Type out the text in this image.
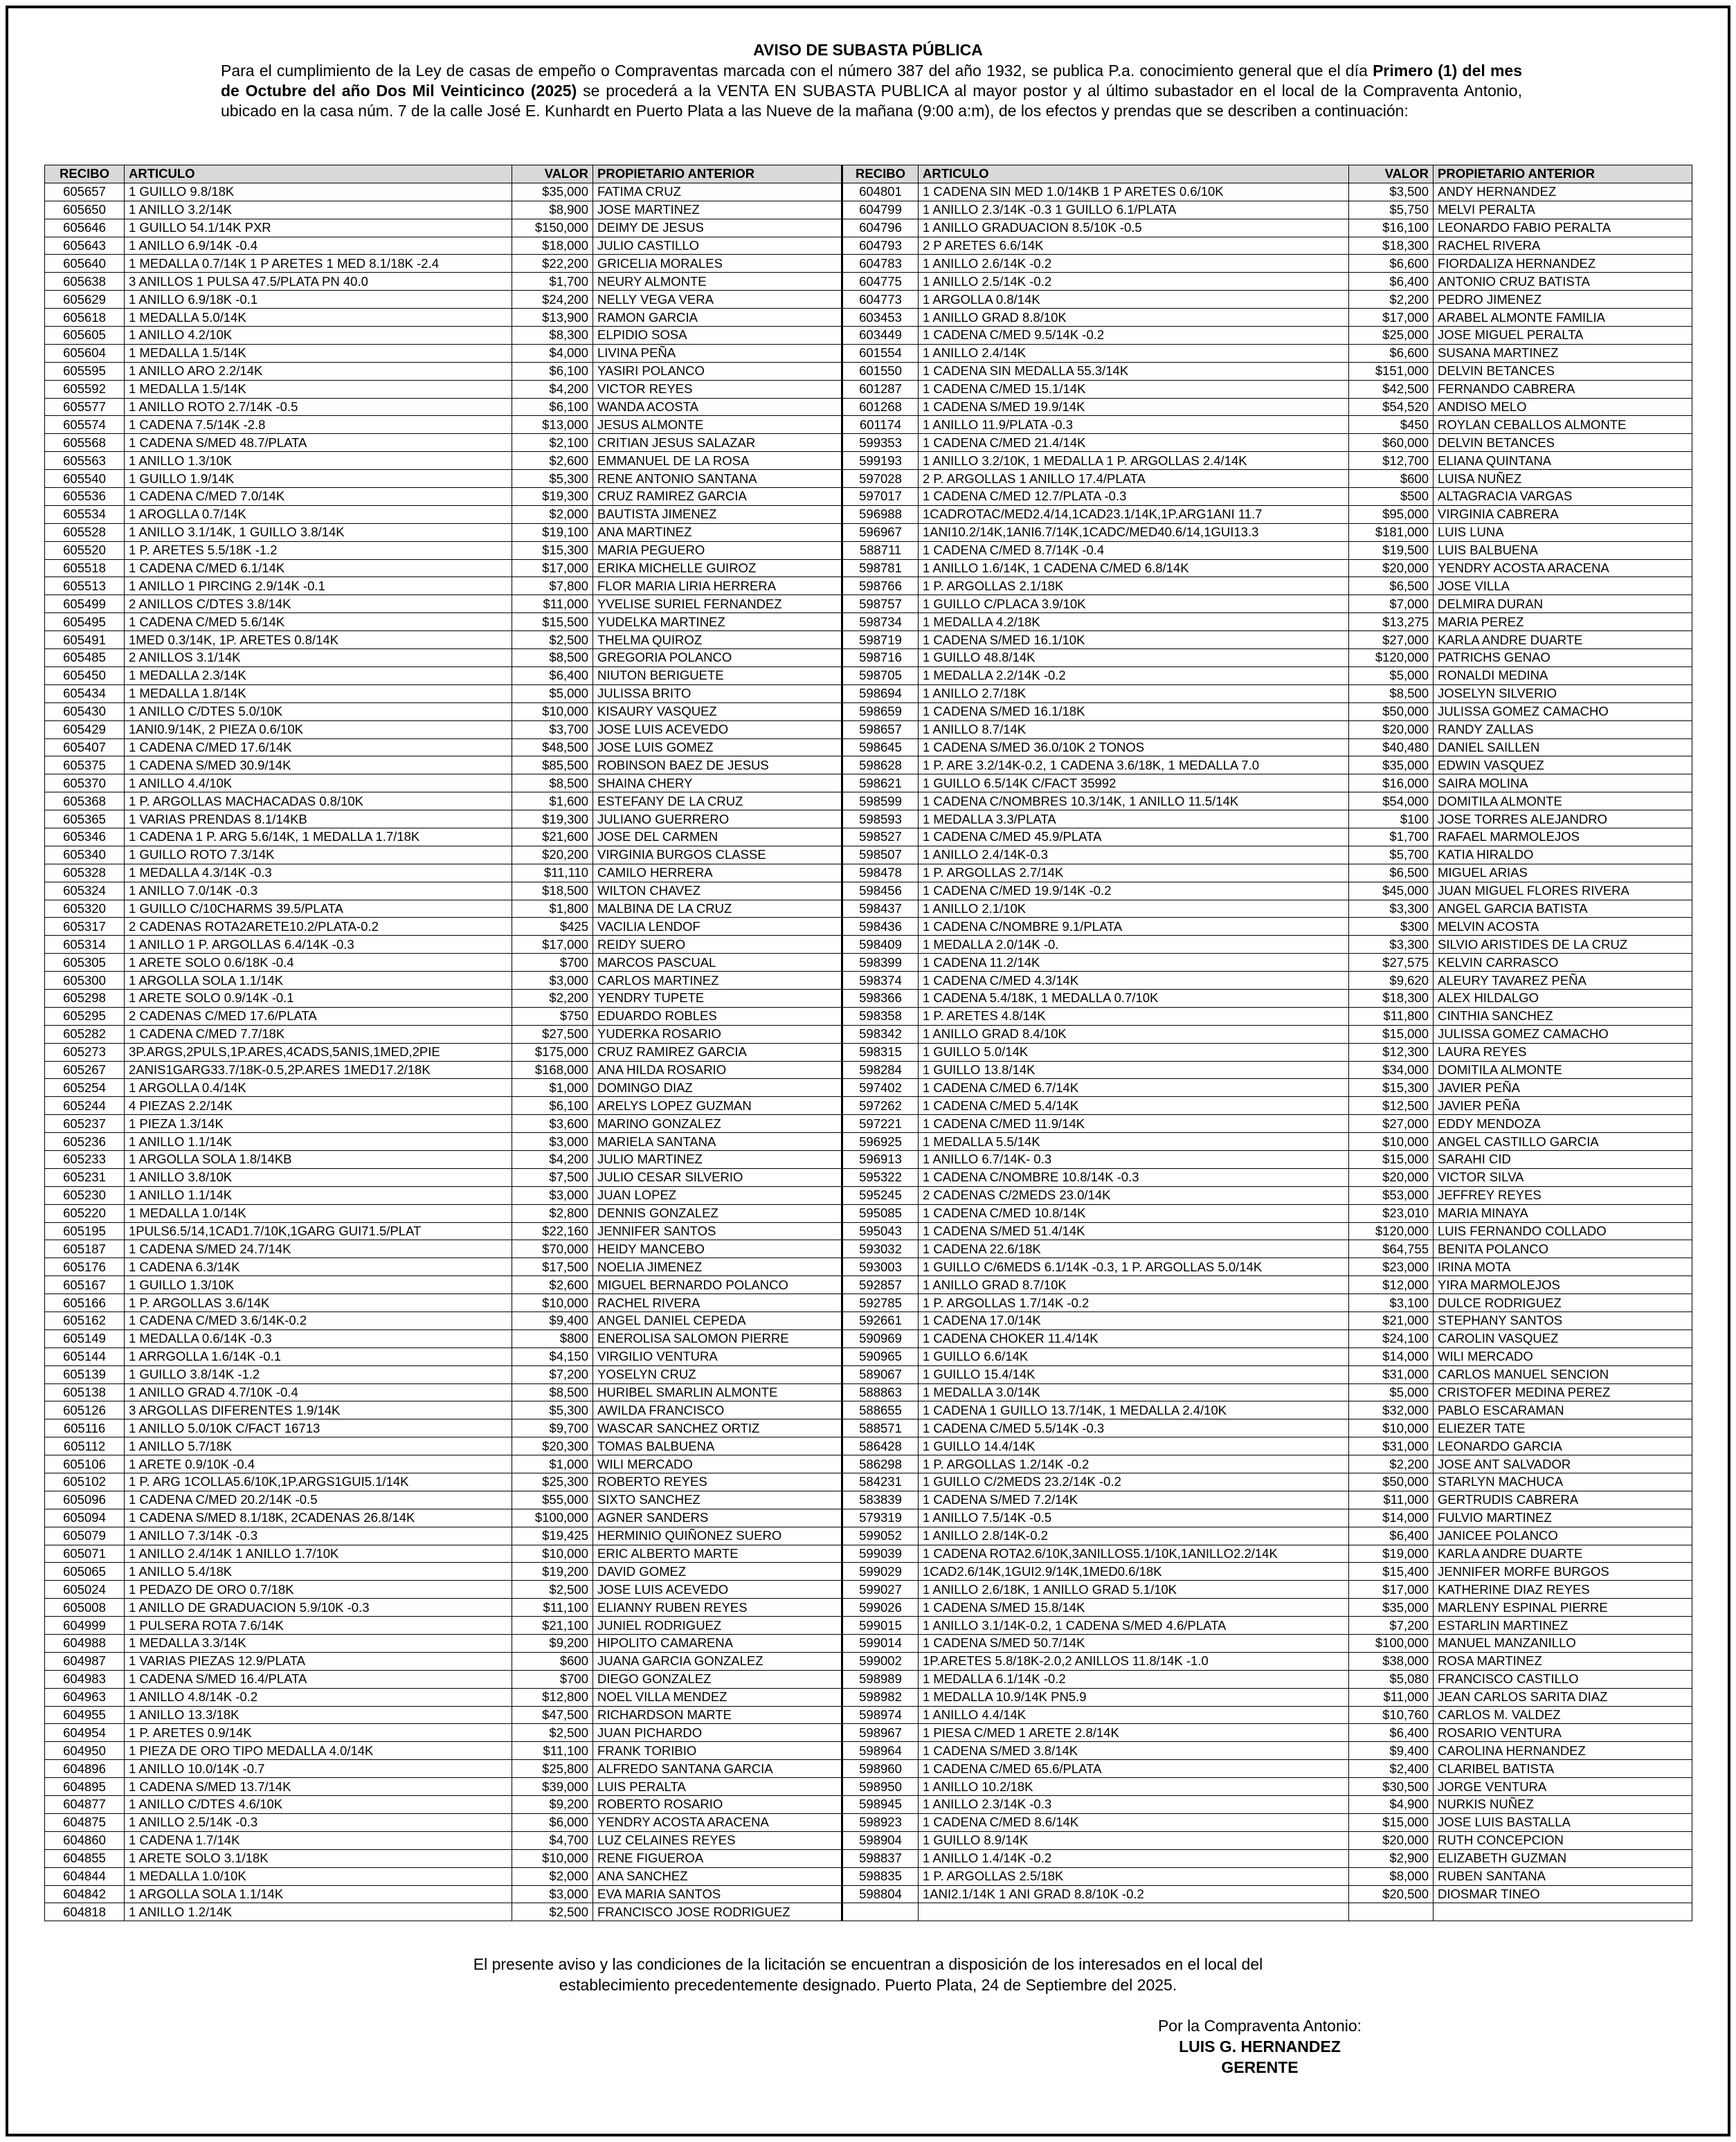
AVISO DE SUBASTA PÚBLICA
Para el cumplimiento de la Ley de casas de empeño o Compraventas marcada con el número 387 del año 1932, se publica P.a. conocimiento general que el día Primero (1) del mes de Octubre del año Dos Mil Veinticinco (2025) se procederá a la VENTA EN SUBASTA PUBLICA al mayor postor y al último subastador en el local de la Compraventa Antonio, ubicado en la casa núm. 7 de la calle José E. Kunhardt en Puerto Plata a las Nueve de la mañana (9:00 a:m), de los efectos y prendas que se describen a continuación:
RECIBO	ARTICULO	VALOR	PROPIETARIO ANTERIOR	RECIBO	ARTICULO	VALOR	PROPIETARIO ANTERIOR
605657	1 GUILLO 9.8/18K	$35,000	FATIMA CRUZ	604801	1 CADENA SIN MED 1.0/14KB 1 P ARETES 0.6/10K	$3,500	ANDY HERNANDEZ
605650	1 ANILLO 3.2/14K	$8,900	JOSE MARTINEZ	604799	1 ANILLO 2.3/14K -0.3 1 GUILLO 6.1/PLATA	$5,750	MELVI PERALTA
605646	1 GUILLO 54.1/14K PXR	$150,000	DEIMY DE JESUS	604796	1 ANILLO GRADUACION 8.5/10K -0.5	$16,100	LEONARDO FABIO PERALTA
605643	1 ANILLO 6.9/14K -0.4	$18,000	JULIO CASTILLO	604793	2 P ARETES 6.6/14K	$18,300	RACHEL RIVERA
605640	1 MEDALLA 0.7/14K 1 P ARETES 1 MED 8.1/18K -2.4	$22,200	GRICELIA MORALES	604783	1 ANILLO 2.6/14K -0.2	$6,600	FIORDALIZA HERNANDEZ
605638	3 ANILLOS 1 PULSA 47.5/PLATA PN 40.0	$1,700	NEURY ALMONTE	604775	1 ANILLO 2.5/14K -0.2	$6,400	ANTONIO CRUZ BATISTA
605629	1 ANILLO 6.9/18K -0.1	$24,200	NELLY VEGA VERA	604773	1 ARGOLLA 0.8/14K	$2,200	PEDRO JIMENEZ
605618	1 MEDALLA 5.0/14K	$13,900	RAMON GARCIA	603453	1 ANILLO GRAD 8.8/10K	$17,000	ARABEL ALMONTE FAMILIA
605605	1 ANILLO 4.2/10K	$8,300	ELPIDIO SOSA	603449	1 CADENA C/MED 9.5/14K -0.2	$25,000	JOSE MIGUEL PERALTA
605604	1 MEDALLA 1.5/14K	$4,000	LIVINA PEÑA	601554	1 ANILLO 2.4/14K	$6,600	SUSANA MARTINEZ
605595	1 ANILLO ARO 2.2/14K	$6,100	YASIRI POLANCO	601550	1 CADENA SIN MEDALLA 55.3/14K	$151,000	DELVIN BETANCES
605592	1 MEDALLA 1.5/14K	$4,200	VICTOR REYES	601287	1 CADENA C/MED 15.1/14K	$42,500	FERNANDO CABRERA
605577	1 ANILLO ROTO 2.7/14K -0.5	$6,100	WANDA ACOSTA	601268	1 CADENA S/MED 19.9/14K	$54,520	ANDISO MELO
605574	1 CADENA 7.5/14K -2.8	$13,000	JESUS ALMONTE	601174	1 ANILLO 11.9/PLATA -0.3	$450	ROYLAN CEBALLOS ALMONTE
605568	1 CADENA S/MED 48.7/PLATA	$2,100	CRITIAN JESUS SALAZAR	599353	1 CADENA C/MED 21.4/14K	$60,000	DELVIN BETANCES
605563	1 ANILLO 1.3/10K	$2,600	EMMANUEL DE LA ROSA	599193	1 ANILLO 3.2/10K, 1 MEDALLA 1 P. ARGOLLAS 2.4/14K	$12,700	ELIANA QUINTANA
605540	1 GUILLO 1.9/14K	$5,300	RENE ANTONIO SANTANA	597028	2 P. ARGOLLAS 1 ANILLO 17.4/PLATA	$600	LUISA NUÑEZ
605536	1 CADENA C/MED 7.0/14K	$19,300	CRUZ RAMIREZ GARCIA	597017	1 CADENA C/MED 12.7/PLATA -0.3	$500	ALTAGRACIA VARGAS
605534	1 AROGLLA 0.7/14K	$2,000	BAUTISTA JIMENEZ	596988	1CADROTAC/MED2.4/14,1CAD23.1/14K,1P.ARG1ANI 11.7	$95,000	VIRGINIA CABRERA
605528	1 ANILLO 3.1/14K, 1 GUILLO 3.8/14K	$19,100	ANA MARTINEZ	596967	1ANI10.2/14K,1ANI6.7/14K,1CADC/MED40.6/14,1GUI13.3	$181,000	LUIS LUNA
605520	1 P. ARETES 5.5/18K -1.2	$15,300	MARIA PEGUERO	588711	1 CADENA C/MED 8.7/14K -0.4	$19,500	LUIS BALBUENA
605518	1 CADENA C/MED 6.1/14K	$17,000	ERIKA MICHELLE GUIROZ	598781	1 ANILLO 1.6/14K, 1 CADENA C/MED 6.8/14K	$20,000	YENDRY ACOSTA ARACENA
605513	1 ANILLO 1 PIRCING 2.9/14K -0.1	$7,800	FLOR MARIA LIRIA HERRERA	598766	1 P. ARGOLLAS 2.1/18K	$6,500	JOSE VILLA
605499	2 ANILLOS C/DTES 3.8/14K	$11,000	YVELISE SURIEL FERNANDEZ	598757	1 GUILLO C/PLACA 3.9/10K	$7,000	DELMIRA DURAN
605495	1 CADENA C/MED 5.6/14K	$15,500	YUDELKA MARTINEZ	598734	1 MEDALLA 4.2/18K	$13,275	MARIA PEREZ
605491	1MED 0.3/14K, 1P. ARETES 0.8/14K	$2,500	THELMA QUIROZ	598719	1 CADENA S/MED 16.1/10K	$27,000	KARLA ANDRE DUARTE
605485	2 ANILLOS 3.1/14K	$8,500	GREGORIA POLANCO	598716	1 GUILLO 48.8/14K	$120,000	PATRICHS GENAO
605450	1 MEDALLA 2.3/14K	$6,400	NIUTON BERIGUETE	598705	1 MEDALLA 2.2/14K -0.2	$5,000	RONALDI MEDINA
605434	1 MEDALLA 1.8/14K	$5,000	JULISSA BRITO	598694	1 ANILLO 2.7/18K	$8,500	JOSELYN SILVERIO
605430	1 ANILLO C/DTES 5.0/10K	$10,000	KISAURY VASQUEZ	598659	1 CADENA S/MED 16.1/18K	$50,000	JULISSA GOMEZ CAMACHO
605429	1ANI0.9/14K, 2 PIEZA 0.6/10K	$3,700	JOSE LUIS ACEVEDO	598657	1 ANILLO 8.7/14K	$20,000	RANDY ZALLAS
605407	1 CADENA C/MED 17.6/14K	$48,500	JOSE LUIS GOMEZ	598645	1 CADENA S/MED 36.0/10K 2 TONOS	$40,480	DANIEL SAILLEN
605375	1 CADENA S/MED 30.9/14K	$85,500	ROBINSON BAEZ DE JESUS	598628	1 P. ARE 3.2/14K-0.2, 1 CADENA 3.6/18K, 1 MEDALLA 7.0	$35,000	EDWIN VASQUEZ
605370	1 ANILLO 4.4/10K	$8,500	SHAINA CHERY	598621	1 GUILLO 6.5/14K C/FACT 35992	$16,000	SAIRA MOLINA
605368	1 P. ARGOLLAS MACHACADAS 0.8/10K	$1,600	ESTEFANY DE LA CRUZ	598599	1 CADENA C/NOMBRES 10.3/14K, 1 ANILLO 11.5/14K	$54,000	DOMITILA ALMONTE
605365	1 VARIAS PRENDAS 8.1/14KB	$19,300	JULIANO GUERRERO	598593	1 MEDALLA 3.3/PLATA	$100	JOSE TORRES ALEJANDRO
605346	1 CADENA 1 P. ARG 5.6/14K, 1 MEDALLA 1.7/18K	$21,600	JOSE DEL CARMEN	598527	1 CADENA C/MED 45.9/PLATA	$1,700	RAFAEL MARMOLEJOS
605340	1 GUILLO ROTO 7.3/14K	$20,200	VIRGINIA BURGOS CLASSE	598507	1 ANILLO 2.4/14K-0.3	$5,700	KATIA HIRALDO
605328	1 MEDALLA 4.3/14K -0.3	$11,110	CAMILO HERRERA	598478	1 P. ARGOLLAS 2.7/14K	$6,500	MIGUEL ARIAS
605324	1 ANILLO 7.0/14K -0.3	$18,500	WILTON CHAVEZ	598456	1 CADENA C/MED 19.9/14K -0.2	$45,000	JUAN MIGUEL FLORES RIVERA
605320	1 GUILLO C/10CHARMS 39.5/PLATA	$1,800	MALBINA DE LA CRUZ	598437	1 ANILLO 2.1/10K	$3,300	ANGEL GARCIA BATISTA
605317	2 CADENAS ROTA2ARETE10.2/PLATA-0.2	$425	VACILIA LENDOF	598436	1 CADENA C/NOMBRE 9.1/PLATA	$300	MELVIN ACOSTA
605314	1 ANILLO 1 P. ARGOLLAS 6.4/14K -0.3	$17,000	REIDY SUERO	598409	1 MEDALLA 2.0/14K -0.	$3,300	SILVIO ARISTIDES DE LA CRUZ
605305	1 ARETE SOLO 0.6/18K -0.4	$700	MARCOS PASCUAL	598399	1 CADENA 11.2/14K	$27,575	KELVIN CARRASCO
605300	1 ARGOLLA SOLA 1.1/14K	$3,000	CARLOS MARTINEZ	598374	1 CADENA C/MED 4.3/14K	$9,620	ALEURY TAVAREZ PEÑA
605298	1 ARETE SOLO 0.9/14K -0.1	$2,200	YENDRY TUPETE	598366	1 CADENA 5.4/18K, 1 MEDALLA 0.7/10K	$18,300	ALEX HILDALGO
605295	2 CADENAS C/MED 17.6/PLATA	$750	EDUARDO ROBLES	598358	1 P. ARETES 4.8/14K	$11,800	CINTHIA SANCHEZ
605282	1 CADENA C/MED 7.7/18K	$27,500	YUDERKA ROSARIO	598342	1 ANILLO GRAD 8.4/10K	$15,000	JULISSA GOMEZ CAMACHO
605273	3P.ARGS,2PULS,1P.ARES,4CADS,5ANIS,1MED,2PIE	$175,000	CRUZ RAMIREZ GARCIA	598315	1 GUILLO 5.0/14K	$12,300	LAURA REYES
605267	2ANIS1GARG33.7/18K-0.5,2P.ARES 1MED17.2/18K	$168,000	ANA HILDA ROSARIO	598284	1 GUILLO 13.8/14K	$34,000	DOMITILA ALMONTE
605254	1 ARGOLLA 0.4/14K	$1,000	DOMINGO DIAZ	597402	1 CADENA C/MED 6.7/14K	$15,300	JAVIER PEÑA
605244	4 PIEZAS 2.2/14K	$6,100	ARELYS LOPEZ GUZMAN	597262	1 CADENA C/MED 5.4/14K	$12,500	JAVIER PEÑA
605237	1 PIEZA 1.3/14K	$3,600	MARINO GONZALEZ	597221	1 CADENA C/MED 11.9/14K	$27,000	EDDY MENDOZA
605236	1 ANILLO 1.1/14K	$3,000	MARIELA SANTANA	596925	1 MEDALLA 5.5/14K	$10,000	ANGEL CASTILLO GARCIA
605233	1 ARGOLLA SOLA 1.8/14KB	$4,200	JULIO MARTINEZ	596913	1 ANILLO 6.7/14K- 0.3	$15,000	SARAHI CID
605231	1 ANILLO 3.8/10K	$7,500	JULIO CESAR SILVERIO	595322	1 CADENA C/NOMBRE 10.8/14K -0.3	$20,000	VICTOR SILVA
605230	1 ANILLO 1.1/14K	$3,000	JUAN LOPEZ	595245	2 CADENAS C/2MEDS 23.0/14K	$53,000	JEFFREY REYES
605220	1 MEDALLA 1.0/14K	$2,800	DENNIS GONZALEZ	595085	1 CADENA C/MED 10.8/14K	$23,010	MARIA MINAYA
605195	1PULS6.5/14,1CAD1.7/10K,1GARG GUI71.5/PLAT	$22,160	JENNIFER SANTOS	595043	1 CADENA S/MED 51.4/14K	$120,000	LUIS FERNANDO COLLADO
605187	1 CADENA S/MED 24.7/14K	$70,000	HEIDY MANCEBO	593032	1 CADENA 22.6/18K	$64,755	BENITA POLANCO
605176	1 CADENA 6.3/14K	$17,500	NOELIA JIMENEZ	593003	1 GUILLO C/6MEDS 6.1/14K -0.3, 1 P. ARGOLLAS 5.0/14K	$23,000	IRINA MOTA
605167	1 GUILLO 1.3/10K	$2,600	MIGUEL BERNARDO POLANCO	592857	1 ANILLO GRAD 8.7/10K	$12,000	YIRA MARMOLEJOS
605166	1 P. ARGOLLAS 3.6/14K	$10,000	RACHEL RIVERA	592785	1 P. ARGOLLAS 1.7/14K -0.2	$3,100	DULCE RODRIGUEZ
605162	1 CADENA C/MED 3.6/14K-0.2	$9,400	ANGEL DANIEL CEPEDA	592661	1 CADENA 17.0/14K	$21,000	STEPHANY SANTOS
605149	1 MEDALLA 0.6/14K -0.3	$800	ENEROLISA SALOMON PIERRE	590969	1 CADENA CHOKER 11.4/14K	$24,100	CAROLIN VASQUEZ
605144	1 ARRGOLLA 1.6/14K -0.1	$4,150	VIRGILIO VENTURA	590965	1 GUILLO 6.6/14K	$14,000	WILI MERCADO
605139	1 GUILLO 3.8/14K -1.2	$7,200	YOSELYN CRUZ	589067	1 GUILLO 15.4/14K	$31,000	CARLOS MANUEL SENCION
605138	1 ANILLO GRAD 4.7/10K -0.4	$8,500	HURIBEL SMARLIN ALMONTE	588863	1 MEDALLA 3.0/14K	$5,000	CRISTOFER MEDINA PEREZ
605126	3 ARGOLLAS DIFERENTES 1.9/14K	$5,300	AWILDA FRANCISCO	588655	1 CADENA 1 GUILLO 13.7/14K, 1 MEDALLA 2.4/10K	$32,000	PABLO ESCARAMAN
605116	1 ANILLO 5.0/10K C/FACT 16713	$9,700	WASCAR SANCHEZ ORTIZ	588571	1 CADENA C/MED 5.5/14K -0.3	$10,000	ELIEZER TATE
605112	1 ANILLO 5.7/18K	$20,300	TOMAS BALBUENA	586428	1 GUILLO 14.4/14K	$31,000	LEONARDO GARCIA
605106	1 ARETE 0.9/10K -0.4	$1,000	WILI MERCADO	586298	1 P. ARGOLLAS 1.2/14K -0.2	$2,200	JOSE ANT SALVADOR
605102	1 P. ARG 1COLLA5.6/10K,1P.ARGS1GUI5.1/14K	$25,300	ROBERTO REYES	584231	1 GUILLO C/2MEDS 23.2/14K -0.2	$50,000	STARLYN MACHUCA
605096	1 CADENA C/MED 20.2/14K -0.5	$55,000	SIXTO SANCHEZ	583839	1 CADENA S/MED 7.2/14K	$11,000	GERTRUDIS CABRERA
605094	1 CADENA S/MED 8.1/18K, 2CADENAS 26.8/14K	$100,000	AGNER SANDERS	579319	1 ANILLO 7.5/14K -0.5	$14,000	FULVIO MARTINEZ
605079	1 ANILLO 7.3/14K -0.3	$19,425	HERMINIO QUIÑONEZ SUERO	599052	1 ANILLO 2.8/14K-0.2	$6,400	JANICEE POLANCO
605071	1 ANILLO 2.4/14K 1 ANILLO 1.7/10K	$10,000	ERIC ALBERTO MARTE	599039	1 CADENA ROTA2.6/10K,3ANILLOS5.1/10K,1ANILLO2.2/14K	$19,000	KARLA ANDRE DUARTE
605065	1 ANILLO 5.4/18K	$19,200	DAVID GOMEZ	599029	1CAD2.6/14K,1GUI2.9/14K,1MED0.6/18K	$15,400	JENNIFER MORFE BURGOS
605024	1 PEDAZO DE ORO 0.7/18K	$2,500	JOSE LUIS ACEVEDO	599027	1 ANILLO 2.6/18K, 1 ANILLO GRAD 5.1/10K	$17,000	KATHERINE DIAZ REYES
605008	1 ANILLO DE GRADUACION 5.9/10K -0.3	$11,100	ELIANNY RUBEN REYES	599026	1 CADENA S/MED 15.8/14K	$35,000	MARLENY ESPINAL PIERRE
604999	1 PULSERA ROTA 7.6/14K	$21,100	JUNIEL RODRIGUEZ	599015	1 ANILLO 3.1/14K-0.2, 1 CADENA S/MED 4.6/PLATA	$7,200	ESTARLIN MARTINEZ
604988	1 MEDALLA 3.3/14K	$9,200	HIPOLITO CAMARENA	599014	1 CADENA S/MED 50.7/14K	$100,000	MANUEL MANZANILLO
604987	1 VARIAS PIEZAS 12.9/PLATA	$600	JUANA GARCIA GONZALEZ	599002	1P.ARETES 5.8/18K-2.0,2 ANILLOS 11.8/14K -1.0	$38,000	ROSA MARTINEZ
604983	1 CADENA S/MED 16.4/PLATA	$700	DIEGO GONZALEZ	598989	1 MEDALLA 6.1/14K -0.2	$5,080	FRANCISCO CASTILLO
604963	1 ANILLO 4.8/14K -0.2	$12,800	NOEL VILLA MENDEZ	598982	1 MEDALLA 10.9/14K PN5.9	$11,000	JEAN CARLOS SARITA DIAZ
604955	1 ANILLO 13.3/18K	$47,500	RICHARDSON MARTE	598974	1 ANILLO 4.4/14K	$10,760	CARLOS M. VALDEZ
604954	1 P. ARETES 0.9/14K	$2,500	JUAN PICHARDO	598967	1 PIESA C/MED 1 ARETE 2.8/14K	$6,400	ROSARIO VENTURA
604950	1 PIEZA DE ORO TIPO MEDALLA 4.0/14K	$11,100	FRANK TORIBIO	598964	1 CADENA S/MED 3.8/14K	$9,400	CAROLINA HERNANDEZ
604896	1 ANILLO 10.0/14K -0.7	$25,800	ALFREDO SANTANA GARCIA	598960	1 CADENA C/MED 65.6/PLATA	$2,400	CLARIBEL BATISTA
604895	1 CADENA S/MED 13.7/14K	$39,000	LUIS PERALTA	598950	1 ANILLO 10.2/18K	$30,500	JORGE VENTURA
604877	1 ANILLO C/DTES 4.6/10K	$9,200	ROBERTO ROSARIO	598945	1 ANILLO 2.3/14K -0.3	$4,900	NURKIS NUÑEZ
604875	1 ANILLO 2.5/14K -0.3	$6,000	YENDRY ACOSTA ARACENA	598923	1 CADENA C/MED 8.6/14K	$15,000	JOSE LUIS BASTALLA
604860	1 CADENA 1.7/14K	$4,700	LUZ CELAINES REYES	598904	1 GUILLO 8.9/14K	$20,000	RUTH CONCEPCION
604855	1 ARETE SOLO 3.1/18K	$10,000	RENE FIGUEROA	598837	1 ANILLO 1.4/14K -0.2	$2,900	ELIZABETH GUZMAN
604844	1 MEDALLA 1.0/10K	$2,000	ANA SANCHEZ	598835	1 P. ARGOLLAS 2.5/18K	$8,000	RUBEN SANTANA
604842	1 ARGOLLA SOLA 1.1/14K	$3,000	EVA MARIA SANTOS	598804	1ANI2.1/14K 1 ANI GRAD 8.8/10K -0.2	$20,500	DIOSMAR TINEO
604818	1 ANILLO 1.2/14K	$2,500	FRANCISCO JOSE RODRIGUEZ				
El presente aviso y las condiciones de la licitación se encuentran a disposición de los interesados en el local del
establecimiento precedentemente designado. Puerto Plata, 24 de Septiembre del 2025.
Por la Compraventa Antonio:
LUIS G. HERNANDEZ
GERENTE
